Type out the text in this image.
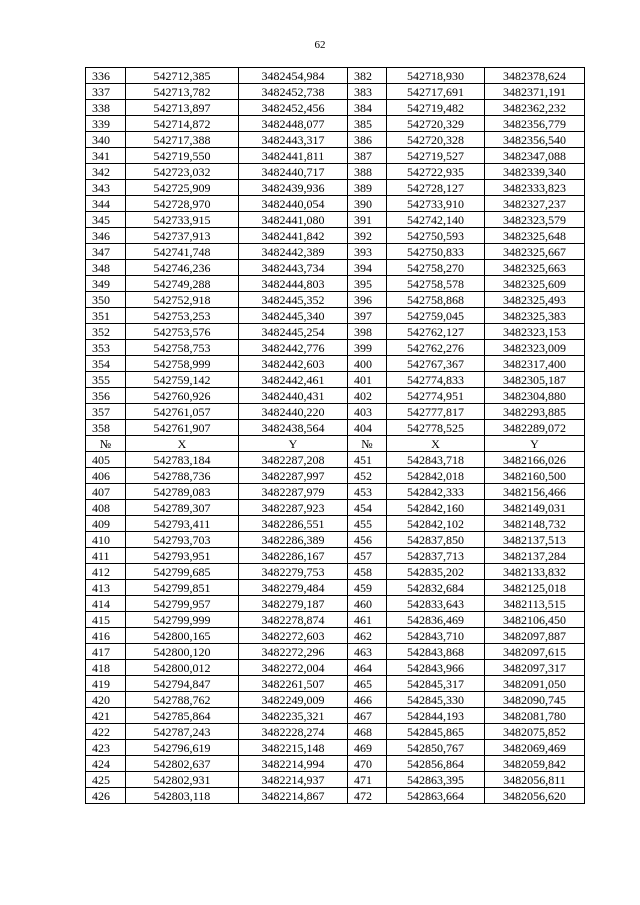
62
336	542712,385	3482454,984	382	542718,930	3482378,624
337	542713,782	3482452,738	383	542717,691	3482371,191
338	542713,897	3482452,456	384	542719,482	3482362,232
339	542714,872	3482448,077	385	542720,329	3482356,779
340	542717,388	3482443,317	386	542720,328	3482356,540
341	542719,550	3482441,811	387	542719,527	3482347,088
342	542723,032	3482440,717	388	542722,935	3482339,340
343	542725,909	3482439,936	389	542728,127	3482333,823
344	542728,970	3482440,054	390	542733,910	3482327,237
345	542733,915	3482441,080	391	542742,140	3482323,579
346	542737,913	3482441,842	392	542750,593	3482325,648
347	542741,748	3482442,389	393	542750,833	3482325,667
348	542746,236	3482443,734	394	542758,270	3482325,663
349	542749,288	3482444,803	395	542758,578	3482325,609
350	542752,918	3482445,352	396	542758,868	3482325,493
351	542753,253	3482445,340	397	542759,045	3482325,383
352	542753,576	3482445,254	398	542762,127	3482323,153
353	542758,753	3482442,776	399	542762,276	3482323,009
354	542758,999	3482442,603	400	542767,367	3482317,400
355	542759,142	3482442,461	401	542774,833	3482305,187
356	542760,926	3482440,431	402	542774,951	3482304,880
357	542761,057	3482440,220	403	542777,817	3482293,885
358	542761,907	3482438,564	404	542778,525	3482289,072
№	X	Y	№	X	Y
405	542783,184	3482287,208	451	542843,718	3482166,026
406	542788,736	3482287,997	452	542842,018	3482160,500
407	542789,083	3482287,979	453	542842,333	3482156,466
408	542789,307	3482287,923	454	542842,160	3482149,031
409	542793,411	3482286,551	455	542842,102	3482148,732
410	542793,703	3482286,389	456	542837,850	3482137,513
411	542793,951	3482286,167	457	542837,713	3482137,284
412	542799,685	3482279,753	458	542835,202	3482133,832
413	542799,851	3482279,484	459	542832,684	3482125,018
414	542799,957	3482279,187	460	542833,643	3482113,515
415	542799,999	3482278,874	461	542836,469	3482106,450
416	542800,165	3482272,603	462	542843,710	3482097,887
417	542800,120	3482272,296	463	542843,868	3482097,615
418	542800,012	3482272,004	464	542843,966	3482097,317
419	542794,847	3482261,507	465	542845,317	3482091,050
420	542788,762	3482249,009	466	542845,330	3482090,745
421	542785,864	3482235,321	467	542844,193	3482081,780
422	542787,243	3482228,274	468	542845,865	3482075,852
423	542796,619	3482215,148	469	542850,767	3482069,469
424	542802,637	3482214,994	470	542856,864	3482059,842
425	542802,931	3482214,937	471	542863,395	3482056,811
426	542803,118	3482214,867	472	542863,664	3482056,620
